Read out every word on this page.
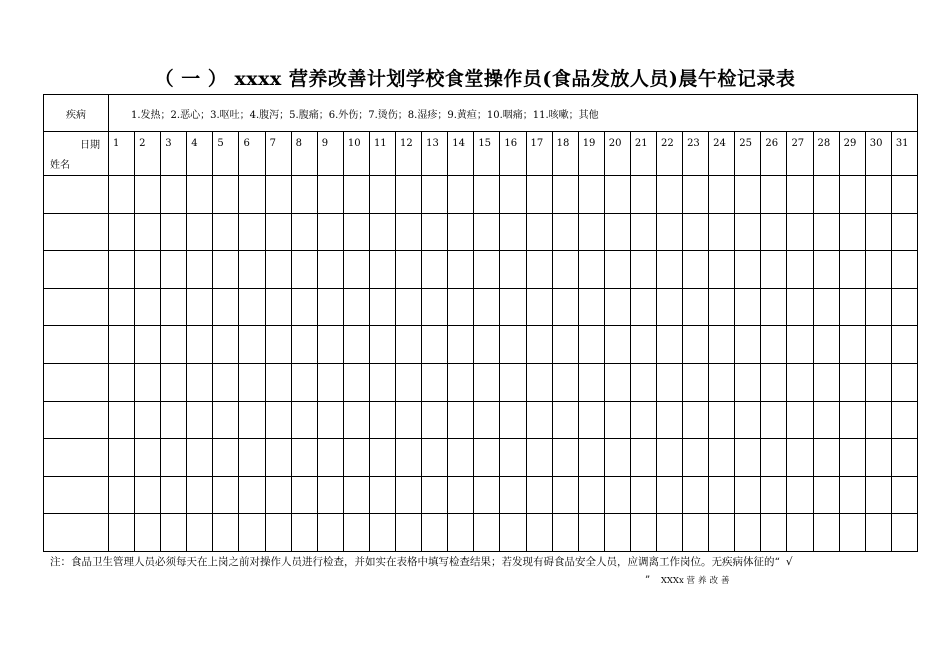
（ 一 ） xxxx 营养改善计划学校食堂操作员(食品发放人员)晨午检记录表
疾病	1.发热；2.恶心；3.呕吐；4.腹泻；5.腹痛；6.外伤；7.烫伤；8.湿疹；9.黄疸；10.咽痛；11.咳嗽；其他																														

日期
姓名	1	2	3	4	5	6	7	8	9	10	11	12	13	14	15	16	17	18	19	20	21	22	23	24	25	26	27	28	29	30	31

注：食品卫生管理人员必须每天在上岗之前对操作人员进行检查，并如实在表格中填写检查结果；若发现有碍食品安全人员，应调离工作岗位。无疾病体征的“ √
” XXXx 营养改善
